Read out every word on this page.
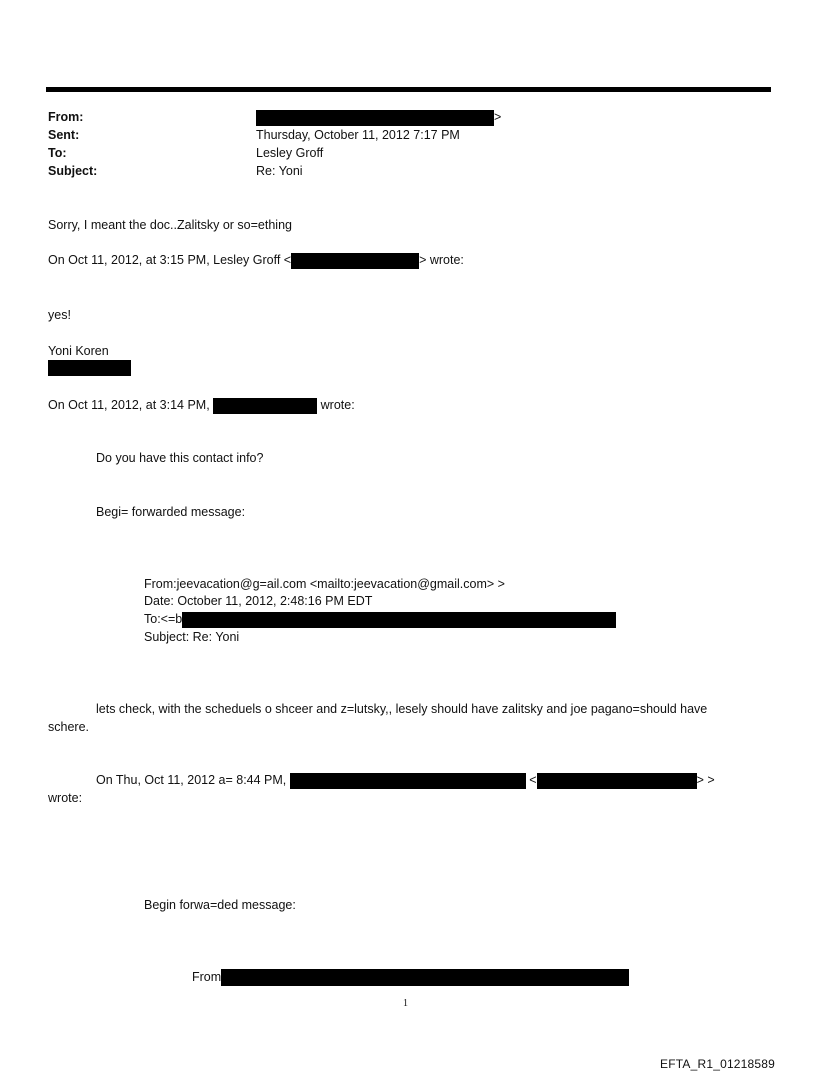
From:	>
Sent:	Thursday, October 11, 2012 7:17 PM
To:	Lesley Groff
Subject:	Re: Yoni
Sorry, I meant the doc..Zalitsky or so=ething
On Oct 11, 2012, at 3:15 PM, Lesley Groff <	> wrote:
yes!
Yoni Koren
On Oct 11, 2012, at 3:14 PM,	wrote:
Do you have this contact info?
Begi= forwarded message:
From:jeevacation@g=ail.com <mailto:jeevacation@gmail.com> >
Date: October 11, 2012, 2:48:16 PM EDT
To:<=b
Subject: Re: Yoni
lets check, with the scheduels o shceer and z=lutsky,, lesely should have zalitsky and joe pagano=should have
schere.
On Thu, Oct 11, 2012 a= 8:44 PM,	<	> >
wrote:
Begin forwa=ded message:
From
1
EFTA_R1_01218589
